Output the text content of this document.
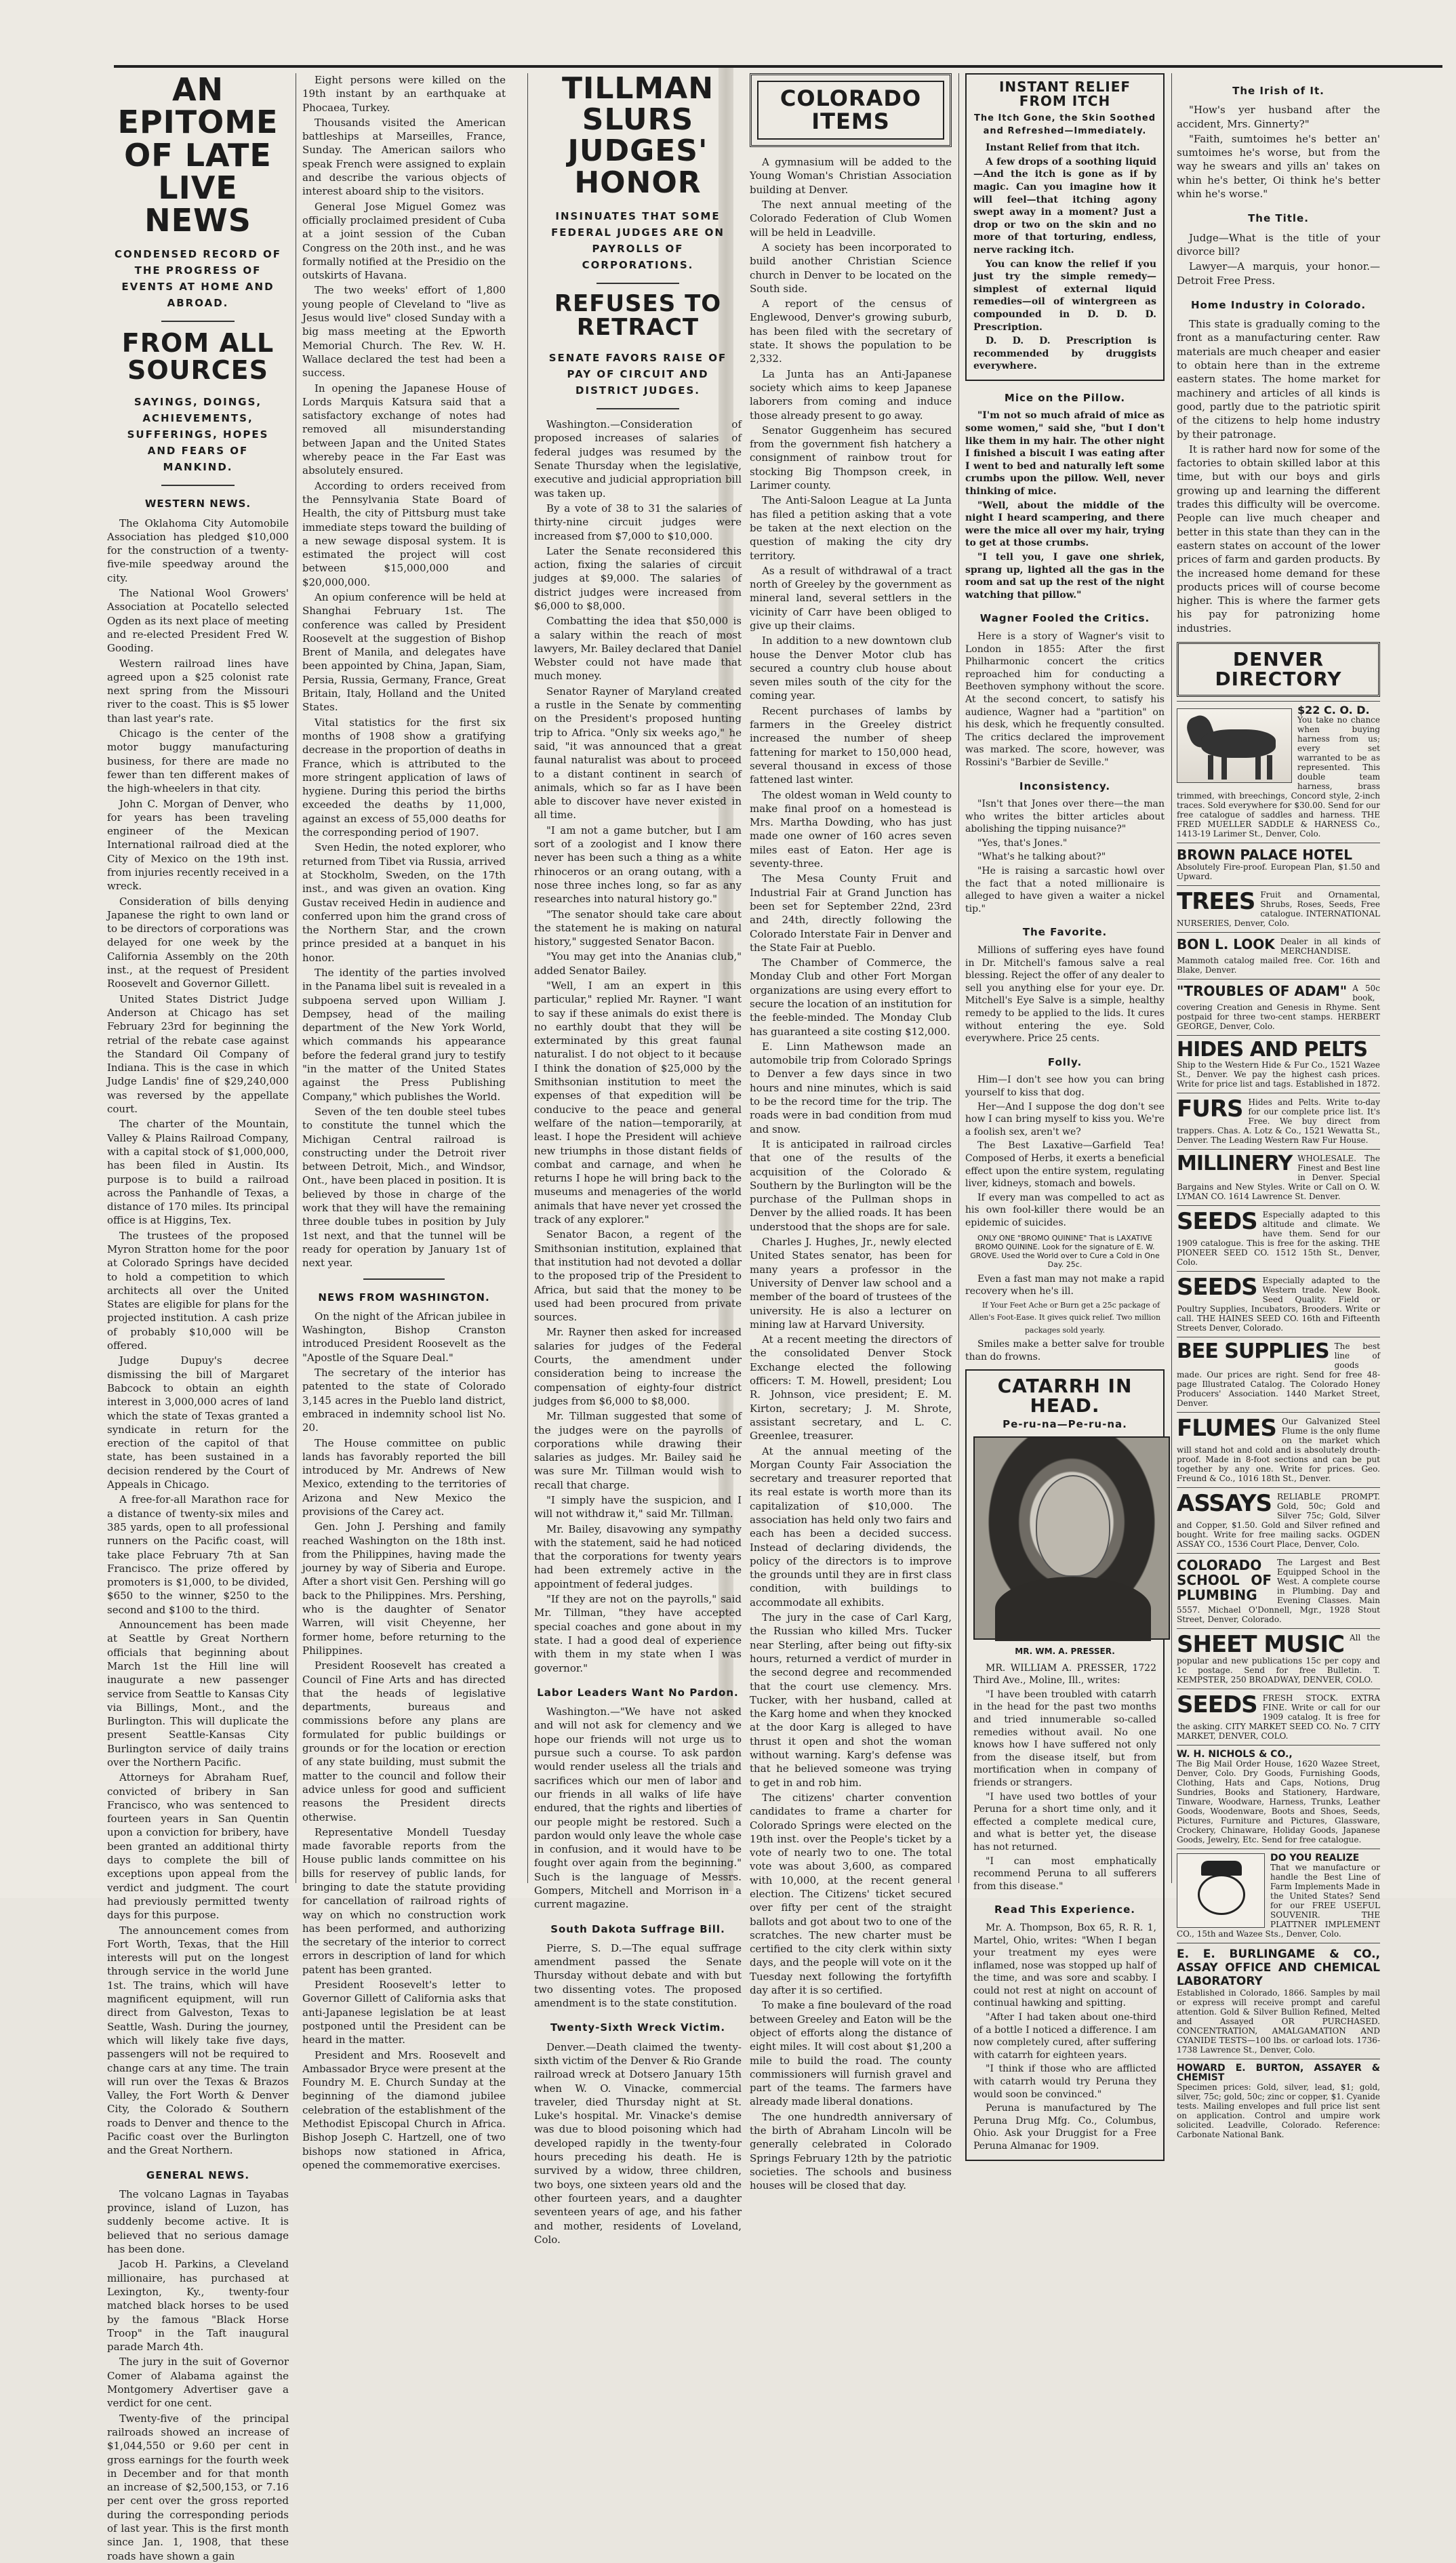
AN EPITOME OF LATE LIVE NEWS
CONDENSED RECORD OF THE PROGRESS OF EVENTS AT HOME AND ABROAD.
FROM ALL SOURCES
SAYINGS, DOINGS, ACHIEVEMENTS, SUFFERINGS, HOPES AND FEARS OF MANKIND.
WESTERN NEWS.

The Oklahoma City Automobile Association has pledged $10,000 for the construction of a twenty-five-mile speedway around the city.

The National Wool Growers' Association at Pocatello selected Ogden as its next place of meeting and re-elected President Fred W. Gooding.

Western railroad lines have agreed upon a $25 colonist rate next spring from the Missouri river to the coast. This is $5 lower than last year's rate.

Chicago is the center of the motor buggy manufacturing business, for there are made no fewer than ten different makes of the high-wheelers in that city.

John C. Morgan of Denver, who for years has been traveling engineer of the Mexican International railroad died at the City of Mexico on the 19th inst. from injuries recently received in a wreck.

Consideration of bills denying Japanese the right to own land or to be directors of corporations was delayed for one week by the California Assembly on the 20th inst., at the request of President Roosevelt and Governor Gillett.

United States District Judge Anderson at Chicago has set February 23rd for beginning the retrial of the rebate case against the Standard Oil Company of Indiana. This is the case in which Judge Landis' fine of $29,240,000 was reversed by the appellate court.

The charter of the Mountain, Valley & Plains Railroad Company, with a capital stock of $1,000,000, has been filed in Austin. Its purpose is to build a railroad across the Panhandle of Texas, a distance of 170 miles. Its principal office is at Higgins, Tex.

The trustees of the proposed Myron Stratton home for the poor at Colorado Springs have decided to hold a competition to which architects all over the United States are eligible for plans for the projected institution. A cash prize of probably $10,000 will be offered.

Judge Dupuy's decree dismissing the bill of Margaret Babcock to obtain an eighth interest in 3,000,000 acres of land which the state of Texas granted a syndicate in return for the erection of the capitol of that state, has been sustained in a decision rendered by the Court of Appeals in Chicago.

A free-for-all Marathon race for a distance of twenty-six miles and 385 yards, open to all professional runners on the Pacific coast, will take place February 7th at San Francisco. The prize offered by promoters is $1,000, to be divided, $650 to the winner, $250 to the second and $100 to the third.

Announcement has been made at Seattle by Great Northern officials that beginning about March 1st the Hill line will inaugurate a new passenger service from Seattle to Kansas City via Billings, Mont., and the Burlington. This will duplicate the present Seattle-Kansas City Burlington service of daily trains over the Northern Pacific.

Attorneys for Abraham Ruef, convicted of bribery in San Francisco, who was sentenced to fourteen years in San Quentin upon a conviction for bribery, have been granted an additional thirty days to complete the bill of exceptions upon appeal from the verdict and judgment. The court had previously permitted twenty days for this purpose.

The announcement comes from Fort Worth, Texas, that the Hill interests will put on the longest through service in the world June 1st. The trains, which will have magnificent equipment, will run direct from Galveston, Texas to Seattle, Wash. During the journey, which will likely take five days, passengers will not be required to change cars at any time. The train will run over the Texas & Brazos Valley, the Fort Worth & Denver City, the Colorado & Southern roads to Denver and thence to the Pacific coast over the Burlington and the Great Northern.

GENERAL NEWS.

The volcano Lagnas in Tayabas province, island of Luzon, has suddenly become active. It is believed that no serious damage has been done.

Jacob H. Parkins, a Cleveland millionaire, has purchased at Lexington, Ky., twenty-four matched black horses to be used by the famous "Black Horse Troop" in the Taft inaugural parade March 4th.

The jury in the suit of Governor Comer of Alabama against the Montgomery Advertiser gave a verdict for one cent.

Twenty-five of the principal railroads showed an increase of $1,044,550 or 9.60 per cent in gross earnings for the fourth week in December and for that month an increase of $2,500,153, or 7.16 per cent over the gross reported during the corresponding periods of last year. This is the first month since Jan. 1, 1908, that these roads have shown a gain

Eight persons were killed on the 19th instant by an earthquake at Phocaea, Turkey.

Thousands visited the American battleships at Marseilles, France, Sunday. The American sailors who speak French were assigned to explain and describe the various objects of interest aboard ship to the visitors.

General Jose Miguel Gomez was officially proclaimed president of Cuba at a joint session of the Cuban Congress on the 20th inst., and he was formally notified at the Presidio on the outskirts of Havana.

The two weeks' effort of 1,800 young people of Cleveland to "live as Jesus would live" closed Sunday with a big mass meeting at the Epworth Memorial Church. The Rev. W. H. Wallace declared the test had been a success.

In opening the Japanese House of Lords Marquis Katsura said that a satisfactory exchange of notes had removed all misunderstanding between Japan and the United States whereby peace in the Far East was absolutely ensured.

According to orders received from the Pennsylvania State Board of Health, the city of Pittsburg must take immediate steps toward the building of a new sewage disposal system. It is estimated the project will cost between $15,000,000 and $20,000,000.

An opium conference will be held at Shanghai February 1st. The conference was called by President Roosevelt at the suggestion of Bishop Brent of Manila, and delegates have been appointed by China, Japan, Siam, Persia, Russia, Germany, France, Great Britain, Italy, Holland and the United States.

Vital statistics for the first six months of 1908 show a gratifying decrease in the proportion of deaths in France, which is attributed to the more stringent application of laws of hygiene. During this period the births exceeded the deaths by 11,000, against an excess of 55,000 deaths for the corresponding period of 1907.

Sven Hedin, the noted explorer, who returned from Tibet via Russia, arrived at Stockholm, Sweden, on the 17th inst., and was given an ovation. King Gustav received Hedin in audience and conferred upon him the grand cross of the Northern Star, and the crown prince presided at a banquet in his honor.

The identity of the parties involved in the Panama libel suit is revealed in a subpoena served upon William J. Dempsey, head of the mailing department of the New York World, which commands his appearance before the federal grand jury to testify "in the matter of the United States against the Press Publishing Company," which publishes the World.

Seven of the ten double steel tubes to constitute the tunnel which the Michigan Central railroad is constructing under the Detroit river between Detroit, Mich., and Windsor, Ont., have been placed in position. It is believed by those in charge of the work that they will have the remaining three double tubes in position by July 1st next, and that the tunnel will be ready for operation by January 1st of next year.

NEWS FROM WASHINGTON.

On the night of the African jubilee in Washington, Bishop Cranston introduced President Roosevelt as the "Apostle of the Square Deal."

The secretary of the interior has patented to the state of Colorado 3,145 acres in the Pueblo land district, embraced in indemnity school list No. 20.

The House committee on public lands has favorably reported the bill introduced by Mr. Andrews of New Mexico, extending to the territories of Arizona and New Mexico the provisions of the Carey act.

Gen. John J. Pershing and family reached Washington on the 18th inst. from the Philippines, having made the journey by way of Siberia and Europe. After a short visit Gen. Pershing will go back to the Philippines. Mrs. Pershing, who is the daughter of Senator Warren, will visit Cheyenne, her former home, before returning to the Philippines.

President Roosevelt has created a Council of Fine Arts and has directed that the heads of legislative departments, bureaus and commissions before any plans are formulated for public buildings or grounds or for the location or erection of any state building, must submit the matter to the council and follow their advice unless for good and sufficient reasons the President directs otherwise.

Representative Mondell Tuesday made favorable reports from the House public lands committee on his bills for reservey of public lands, for bringing to date the statute providing for cancellation of railroad rights of way on which no construction work has been performed, and authorizing the secretary of the interior to correct errors in description of land for which patent has been granted.

President Roosevelt's letter to Governor Gillett of California asks that anti-Japanese legislation be at least postponed until the President can be heard in the matter.

President and Mrs. Roosevelt and Ambassador Bryce were present at the Foundry M. E. Church Sunday at the beginning of the diamond jubilee celebration of the establishment of the Methodist Episcopal Church in Africa. Bishop Joseph C. Hartzell, one of two bishops now stationed in Africa, opened the commemorative exercises.

TILLMAN SLURS JUDGES' HONOR
INSINUATES THAT SOME FEDERAL JUDGES ARE ON PAYROLLS OF CORPORATIONS.
REFUSES TO RETRACT
SENATE FAVORS RAISE OF PAY OF CIRCUIT AND DISTRICT JUDGES.

Washington.—Consideration of proposed increases of salaries of federal judges was resumed by the Senate Thursday when the legislative, executive and judicial appropriation bill was taken up.

By a vote of 38 to 31 the salaries of thirty-nine circuit judges were increased from $7,000 to $10,000.

Later the Senate reconsidered this action, fixing the salaries of circuit judges at $9,000. The salaries of district judges were increased from $6,000 to $8,000.

Combatting the idea that $50,000 is a salary within the reach of most lawyers, Mr. Bailey declared that Daniel Webster could not have made that much money.

Senator Rayner of Maryland created a rustle in the Senate by commenting on the President's proposed hunting trip to Africa. "Only six weeks ago," he said, "it was announced that a great faunal naturalist was about to proceed to a distant continent in search of animals, which so far as I have been able to discover have never existed in all time.

"I am not a game butcher, but I am sort of a zoologist and I know there never has been such a thing as a white rhinoceros or an orang outang, with a nose three inches long, so far as any researches into natural history go."

"The senator should take care about the statement he is making on natural history," suggested Senator Bacon.

"You may get into the Ananias club," added Senator Bailey.

"Well, I am an expert in this particular," replied Mr. Rayner. "I want to say if these animals do exist there is no earthly doubt that they will be exterminated by this great faunal naturalist. I do not object to it because I think the donation of $25,000 by the Smithsonian institution to meet the expenses of that expedition will be conducive to the peace and general welfare of the nation—temporarily, at least. I hope the President will achieve new triumphs in those distant fields of combat and carnage, and when he returns I hope he will bring back to the museums and menageries of the world animals that have never yet crossed the track of any explorer."

Senator Bacon, a regent of the Smithsonian institution, explained that that institution had not devoted a dollar to the proposed trip of the President to Africa, but said that the money to be used had been procured from private sources.

Mr. Rayner then asked for increased salaries for judges of the Federal Courts, the amendment under consideration being to increase the compensation of eighty-four district judges from $6,000 to $8,000.

Mr. Tillman suggested that some of the judges were on the payrolls of corporations while drawing their salaries as judges. Mr. Bailey said he was sure Mr. Tillman would wish to recall that charge.

"I simply have the suspicion, and I will not withdraw it," said Mr. Tillman.

Mr. Bailey, disavowing any sympathy with the statement, said he had noticed that the corporations for twenty years had been extremely active in the appointment of federal judges.

"If they are not on the payrolls," said Mr. Tillman, "they have accepted special coaches and gone about in my state. I had a good deal of experience with them in my state when I was governor."

Labor Leaders Want No Pardon.

Washington.—"We have not asked and will not ask for clemency and we hope our friends will not urge us to pursue such a course. To ask pardon would render useless all the trials and sacrifices which our men of labor and our friends in all walks of life have endured, that the rights and liberties of our people might be restored. Such a pardon would only leave the whole case in confusion, and it would have to be fought over again from the beginning." Such is the language of Messrs. Gompers, Mitchell and Morrison in a current magazine.

South Dakota Suffrage Bill.

Pierre, S. D.—The equal suffrage amendment passed the Senate Thursday without debate and with but two dissenting votes. The proposed amendment is to the state constitution.

Twenty-Sixth Wreck Victim.

Denver.—Death claimed the twenty-sixth victim of the Denver & Rio Grande railroad wreck at Dotsero January 15th when W. O. Vinacke, commercial traveler, died Thursday night at St. Luke's hospital. Mr. Vinacke's demise was due to blood poisoning which had developed rapidly in the twenty-four hours preceding his death. He is survived by a widow, three children, two boys, one sixteen years old and the other fourteen years, and a daughter seventeen years of age, and his father and mother, residents of Loveland, Colo.

COLORADO ITEMS

A gymnasium will be added to the Young Woman's Christian Association building at Denver.

The next annual meeting of the Colorado Federation of Club Women will be held in Leadville.

A society has been incorporated to build another Christian Science church in Denver to be located on the South side.

A report of the census of Englewood, Denver's growing suburb, has been filed with the secretary of state. It shows the population to be 2,332.

La Junta has an Anti-Japanese society which aims to keep Japanese laborers from coming and induce those already present to go away.

Senator Guggenheim has secured from the government fish hatchery a consignment of rainbow trout for stocking Big Thompson creek, in Larimer county.

The Anti-Saloon League at La Junta has filed a petition asking that a vote be taken at the next election on the question of making the city dry territory.

As a result of withdrawal of a tract north of Greeley by the government as mineral land, several settlers in the vicinity of Carr have been obliged to give up their claims.

In addition to a new downtown club house the Denver Motor club has secured a country club house about seven miles south of the city for the coming year.

Recent purchases of lambs by farmers in the Greeley district increased the number of sheep fattening for market to 150,000 head, several thousand in excess of those fattened last winter.

The oldest woman in Weld county to make final proof on a homestead is Mrs. Martha Dowding, who has just made one owner of 160 acres seven miles east of Eaton. Her age is seventy-three.

The Mesa County Fruit and Industrial Fair at Grand Junction has been set for September 22nd, 23rd and 24th, directly following the Colorado Interstate Fair in Denver and the State Fair at Pueblo.

The Chamber of Commerce, the Monday Club and other Fort Morgan organizations are using every effort to secure the location of an institution for the feeble-minded. The Monday Club has guaranteed a site costing $12,000.

E. Linn Mathewson made an automobile trip from Colorado Springs to Denver a few days since in two hours and nine minutes, which is said to be the record time for the trip. The roads were in bad condition from mud and snow.

It is anticipated in railroad circles that one of the results of the acquisition of the Colorado & Southern by the Burlington will be the purchase of the Pullman shops in Denver by the allied roads. It has been understood that the shops are for sale.

Charles J. Hughes, Jr., newly elected United States senator, has been for many years a professor in the University of Denver law school and a member of the board of trustees of the university. He is also a lecturer on mining law at Harvard University.

At a recent meeting the directors of the consolidated Denver Stock Exchange elected the following officers: T. M. Howell, president; Lou R. Johnson, vice president; E. M. Kirton, secretary; J. M. Shrote, assistant secretary, and L. C. Greenlee, treasurer.

At the annual meeting of the Morgan County Fair Association the secretary and treasurer reported that its real estate is worth more than its capitalization of $10,000. The association has held only two fairs and each has been a decided success. Instead of declaring dividends, the policy of the directors is to improve the grounds until they are in first class condition, with buildings to accommodate all exhibits.

The jury in the case of Carl Karg, the Russian who killed Mrs. Tucker near Sterling, after being out fifty-six hours, returned a verdict of murder in the second degree and recommended that the court use clemency. Mrs. Tucker, with her husband, called at the Karg home and when they knocked at the door Karg is alleged to have thrust it open and shot the woman without warning. Karg's defense was that he believed someone was trying to get in and rob him.

The citizens' charter convention candidates to frame a charter for Colorado Springs were elected on the 19th inst. over the People's ticket by a vote of nearly two to one. The total vote was about 3,600, as compared with 10,000, at the recent general election. The Citizens' ticket secured over fifty per cent of the straight ballots and got about two to one of the scratches. The new charter must be certified to the city clerk within sixty days, and the people will vote on it the Tuesday next following the fortyfifth day after it is so certified.

To make a fine boulevard of the road between Greeley and Eaton will be the object of efforts along the distance of eight miles. It will cost about $1,200 a mile to build the road. The county commissioners will furnish gravel and part of the teams. The farmers have already made liberal donations.

The one hundredth anniversary of the birth of Abraham Lincoln will be generally celebrated in Colorado Springs February 12th by the patriotic societies. The schools and business houses will be closed that day.

INSTANT RELIEF FROM ITCH
The Itch Gone, the Skin Soothed and Refreshed—Immediately.

Instant Relief from that itch.

A few drops of a soothing liquid—And the itch is gone as if by magic. Can you imagine how it will feel—that itching agony swept away in a moment? Just a drop or two on the skin and no more of that torturing, endless, nerve racking itch.

You can know the relief if you just try the simple remedy—simplest of external liquid remedies—oil of wintergreen as compounded in D. D. D. Prescription.

D. D. D. Prescription is recommended by druggists everywhere.

Mice on the Pillow.

"I'm not so much afraid of mice as some women," said she, "but I don't like them in my hair. The other night I finished a biscuit I was eating after I went to bed and naturally left some crumbs upon the pillow. Well, never thinking of mice.

"Well, about the middle of the night I heard scampering, and there were the mice all over my hair, trying to get at those crumbs.

"I tell you, I gave one shriek, sprang up, lighted all the gas in the room and sat up the rest of the night watching that pillow."

Wagner Fooled the Critics.

Here is a story of Wagner's visit to London in 1855: After the first Philharmonic concert the critics reproached him for conducting a Beethoven symphony without the score. At the second concert, to satisfy his audience, Wagner had a "partition" on his desk, which he frequently consulted. The critics declared the improvement was marked. The score, however, was Rossini's "Barbier de Seville."

Inconsistency.

"Isn't that Jones over there—the man who writes the bitter articles about abolishing the tipping nuisance?"

"Yes, that's Jones."

"What's he talking about?"

"He is raising a sarcastic howl over the fact that a noted millionaire is alleged to have given a waiter a nickel tip."

The Favorite.

Millions of suffering eyes have found in Dr. Mitchell's famous salve a real blessing. Reject the offer of any dealer to sell you anything else for your eye. Dr. Mitchell's Eye Salve is a simple, healthy remedy to be applied to the lids. It cures without entering the eye. Sold everywhere. Price 25 cents.

Folly.

Him—I don't see how you can bring yourself to kiss that dog.

Her—And I suppose the dog don't see how I can bring myself to kiss you. We're a foolish sex, aren't we?

The Best Laxative—Garfield Tea! Composed of Herbs, it exerts a beneficial effect upon the entire system, regulating liver, kidneys, stomach and bowels.

If every man was compelled to act as his own fool-killer there would be an epidemic of suicides.

ONLY ONE "BROMO QUININE" That is LAXATIVE BROMO QUININE. Look for the signature of E. W. GROVE. Used the World over to Cure a Cold in One Day. 25c.

Even a fast man may not make a rapid recovery when he's ill.

If Your Feet Ache or Burn get a 25c package of Allen's Foot-Ease. It gives quick relief. Two million packages sold yearly.

Smiles make a better salve for trouble than do frowns.

CATARRH IN HEAD.
Pe-ru-na—Pe-ru-na.
MR. WM. A. PRESSER.

MR. WILLIAM A. PRESSER, 1722 Third Ave., Moline, Ill., writes:

"I have been troubled with catarrh in the head for the past two months and tried innumerable so-called remedies without avail. No one knows how I have suffered not only from the disease itself, but from mortification when in company of friends or strangers.

"I have used two bottles of your Peruna for a short time only, and it effected a complete medical cure, and what is better yet, the disease has not returned.

"I can most emphatically recommend Peruna to all sufferers from this disease."

Read This Experience.

Mr. A. Thompson, Box 65, R. R. 1, Martel, Ohio, writes: "When I began your treatment my eyes were inflamed, nose was stopped up half of the time, and was sore and scabby. I could not rest at night on account of continual hawking and spitting.

"After I had taken about one-third of a bottle I noticed a difference. I am now completely cured, after suffering with catarrh for eighteen years.

"I think if those who are afflicted with catarrh would try Peruna they would soon be convinced."

Peruna is manufactured by The Peruna Drug Mfg. Co., Columbus, Ohio. Ask your Druggist for a Free Peruna Almanac for 1909.

The Irish of It.

"How's yer husband after the accident, Mrs. Ginnerty?"

"Faith, sumtoimes he's better an' sumtoimes he's worse, but from the way he swears and yills an' takes on whin he's better, Oi think he's better whin he's worse."

The Title.

Judge—What is the title of your divorce bill?

Lawyer—A marquis, your honor.—Detroit Free Press.

Home Industry in Colorado.

This state is gradually coming to the front as a manufacturing center. Raw materials are much cheaper and easier to obtain here than in the extreme eastern states. The home market for machinery and articles of all kinds is good, partly due to the patriotic spirit of the citizens to help home industry by their patronage.

It is rather hard now for some of the factories to obtain skilled labor at this time, but with our boys and girls growing up and learning the different trades this difficulty will be overcome. People can live much cheaper and better in this state than they can in the eastern states on account of the lower prices of farm and garden products. By the increased home demand for these products prices will of course become higher. This is where the farmer gets his pay for patronizing home industries.

DENVER DIRECTORY
$22 C. O. D.
You take no chance when buying harness from us; every set warranted to be as represented. This double team harness, brass trimmed, with breechings, Concord style, 2-inch traces. Sold everywhere for $30.00. Send for our free catalogue of saddles and harness. THE FRED MUELLER SADDLE & HARNESS Co., 1413-19 Larimer St., Denver, Colo.
BROWN PALACE HOTEL
Absolutely Fire-proof. European Plan, $1.50 and Upward.
TREES Fruit and Ornamental, Shrubs, Roses, Seeds, Free catalogue. INTERNATIONAL NURSERIES, Denver, Colo.
BON L. LOOK Dealer in all kinds of MERCHANDISE. Mammoth catalog mailed free. Cor. 16th and Blake, Denver.
"TROUBLES OF ADAM" A 50c book, covering Creation and Genesis in Rhyme. Sent postpaid for three two-cent stamps. HERBERT GEORGE, Denver, Colo.
HIDES AND PELTS
Ship to the Western Hide & Fur Co., 1521 Wazee St., Denver. We pay the highest cash prices. Write for price list and tags. Established in 1872.
FURS Hides and Pelts. Write to-day for our complete price list. It's Free. We buy direct from trappers. Chas. A. Lotz & Co., 1521 Wewatta St., Denver. The Leading Western Raw Fur House.
MILLINERY WHOLESALE. The Finest and Best line in Denver. Special Bargains and New Styles. Write or Call on O. W. LYMAN CO. 1614 Lawrence St. Denver.
SEEDS Especially adapted to this altitude and climate. We have them. Send for our 1909 catalogue. This is free for the asking. THE PIONEER SEED CO. 1512 15th St., Denver, Colo.
SEEDS Especially adapted to the Western trade. New Book. Seed Quality. Field or Poultry Supplies, Incubators, Brooders. Write or call. THE HAINES SEED CO. 16th and Fifteenth Streets Denver, Colorado.
BEE SUPPLIES The best line of goods made. Our prices are right. Send for free 48-page Illustrated Catalog. The Colorado Honey Producers' Association. 1440 Market Street, Denver.
FLUMES Our Galvanized Steel Flume is the only flume on the market which will stand hot and cold and is absolutely drouth-proof. Made in 8-foot sections and can be put together by any one. Write for prices. Geo. Freund & Co., 1016 18th St., Denver.
ASSAYS RELIABLE PROMPT. Gold, 50c; Gold and Silver 75c; Gold, Silver and Copper, $1.50. Gold and Silver refined and bought. Write for free mailing sacks. OGDEN ASSAY CO., 1536 Court Place, Denver, Colo.
COLORADO SCHOOL OF PLUMBING
The Largest and Best Equipped School in the West. A complete course in Plumbing. Day and Evening Classes. Main 5557. Michael O'Donnell, Mgr., 1928 Stout Street, Denver, Colorado.
SHEET MUSIC All the popular and new publications 15c per copy and 1c postage. Send for free Bulletin. T. KEMPSTER, 250 BROADWAY, DENVER, COLO.
SEEDS FRESH STOCK. EXTRA FINE. Write or call for our 1909 catalog. It is free for the asking. CITY MARKET SEED CO. No. 7 CITY MARKET, DENVER, COLO.
W. H. NICHOLS & CO.,
The Big Mail Order House, 1620 Wazee Street, Denver, Colo. Dry Goods, Furnishing Goods, Clothing, Hats and Caps, Notions, Drug Sundries, Books and Stationery, Hardware, Tinware, Woodware, Harness, Trunks, Leather Goods, Woodenware, Boots and Shoes, Seeds, Pictures, Furniture and Pictures, Glassware, Crockery, Chinaware, Holiday Goods, Japanese Goods, Jewelry, Etc. Send for free catalogue.
DO YOU REALIZE
That we manufacture or handle the Best Line of Farm Implements Made in the United States? Send for our FREE USEFUL SOUVENIR. THE PLATTNER IMPLEMENT CO., 15th and Wazee Sts., Denver, Colo.
E. E. BURLINGAME & CO., ASSAY OFFICE AND CHEMICAL LABORATORY
Established in Colorado, 1866. Samples by mail or express will receive prompt and careful attention. Gold & Silver Bullion Refined, Melted and Assayed OR PURCHASED. CONCENTRATION, AMALGAMATION AND CYANIDE TESTS—100 lbs. or carload lots. 1736-1738 Lawrence St., Denver, Colo.
HOWARD E. BURTON, ASSAYER & CHEMIST
Specimen prices: Gold, silver, lead, $1; gold, silver, 75c; gold, 50c; zinc or copper, $1. Cyanide tests. Mailing envelopes and full price list sent on application. Control and umpire work solicited. Leadville, Colorado. Reference: Carbonate National Bank.
